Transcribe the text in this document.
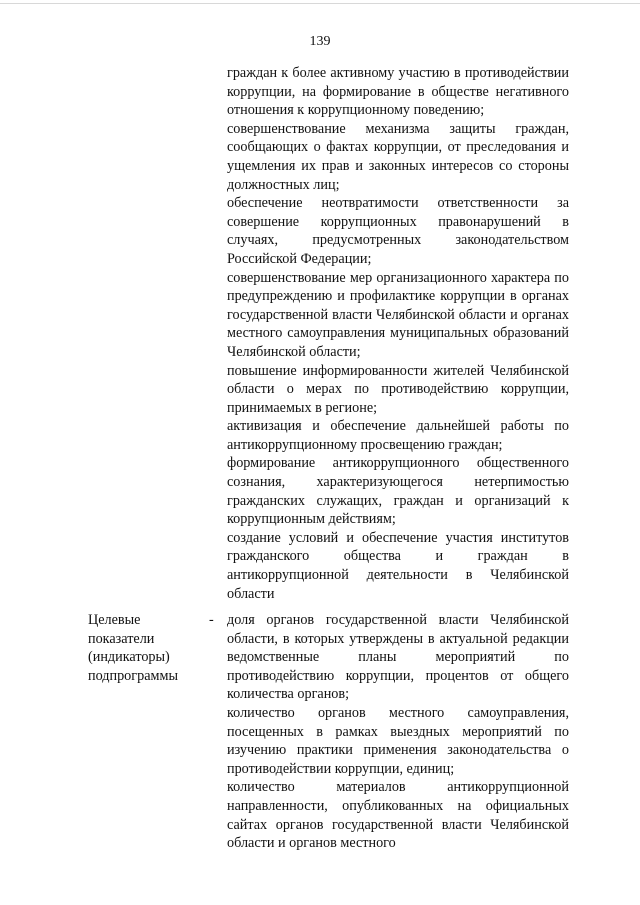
139

граждан к более активному участию в противодействии коррупции, на формирование в обществе негативного отношения к коррупционному поведению;

совершенствование механизма защиты граждан, сообщающих о фактах коррупции, от преследования и ущемления их прав и законных интересов со стороны должностных лиц;

обеспечение неотвратимости ответственности за совершение коррупционных правонарушений в случаях, предусмотренных законодательством Российской Федерации;

совершенствование мер организационного характера по предупреждению и профилактике коррупции в органах государственной власти Челябинской области и органах местного самоуправления муниципальных образований Челябинской области;

повышение информированности жителей Челябинской области о мерах по противодействию коррупции, принимаемых в регионе;

активизация и обеспечение дальнейшей работы по антикоррупционному просвещению граждан;

формирование антикоррупционного общественного сознания, характеризующегося нетерпимостью гражданских служащих, граждан и организаций к коррупционным действиям;

создание условий и обеспечение участия институтов гражданского общества и граждан в антикоррупционной деятельности в Челябинской области

Целевые
показатели
(индикаторы)
подпрограммы
- доля органов государственной власти Челябинской области, в которых утверждены в актуальной редакции ведомственные планы мероприятий по противодействию коррупции, процентов от общего количества органов;

количество органов местного самоуправления, посещенных в рамках выездных мероприятий по изучению практики применения законодательства о противодействии коррупции, единиц;

количество материалов антикоррупционной направленности, опубликованных на официальных сайтах органов государственной власти Челябинской области и органов местного
